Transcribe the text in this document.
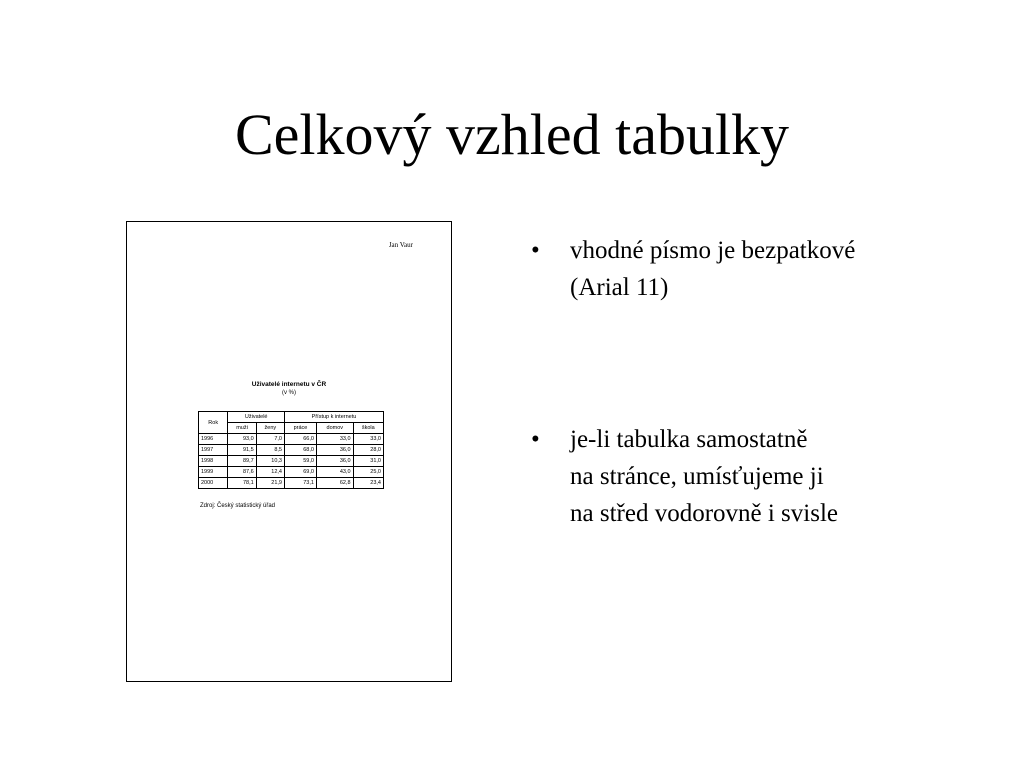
Celkový vzhled tabulky
Jan Vaur
Uživatelé internetu v ČR
(v %)
Rok	Uživatelé		Přístup k internetu		
	muži	ženy	práce	domov	škola
1996	93,0	7,0	66,0	33,0	33,0
1997	91,5	8,5	68,0	36,0	28,0
1998	89,7	10,3	59,0	36,0	31,0
1999	87,6	12,4	69,0	43,0	25,0
2000	78,1	21,9	73,1	62,8	23,4
Zdroj: Český statistický úřad
• vhodné písmo je bezpatkové
(Arial 11)
• je-li tabulka samostatně
na stránce, umísťujeme ji
na střed vodorovně i svisle
